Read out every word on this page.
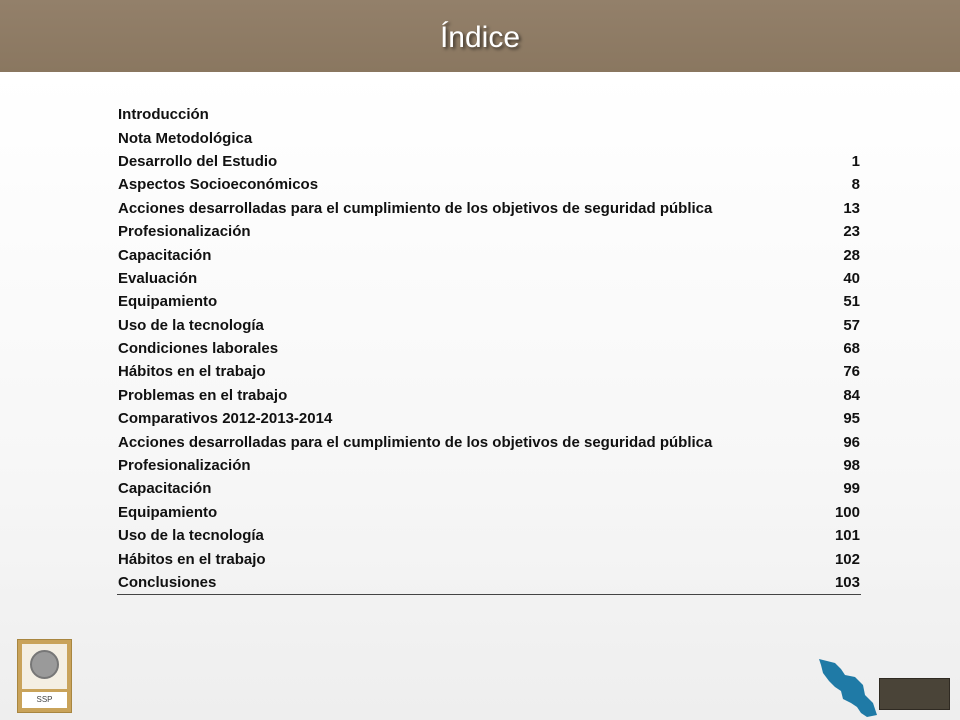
Índice
Introducción	
Nota Metodológica	
Desarrollo del Estudio	1
Aspectos Socioeconómicos	8
Acciones desarrolladas para el cumplimiento de los objetivos de seguridad pública	13
Profesionalización	23
Capacitación	28
Evaluación	40
Equipamiento	51
Uso de la tecnología	57
Condiciones laborales	68
Hábitos en el trabajo	76
Problemas en el trabajo	84
Comparativos 2012-2013-2014	95
Acciones desarrolladas para el cumplimiento de los objetivos de seguridad pública	96
Profesionalización	98
Capacitación	99
Equipamiento	100
Uso de la tecnología	101
Hábitos en el trabajo	102
Conclusiones	103
SSP
